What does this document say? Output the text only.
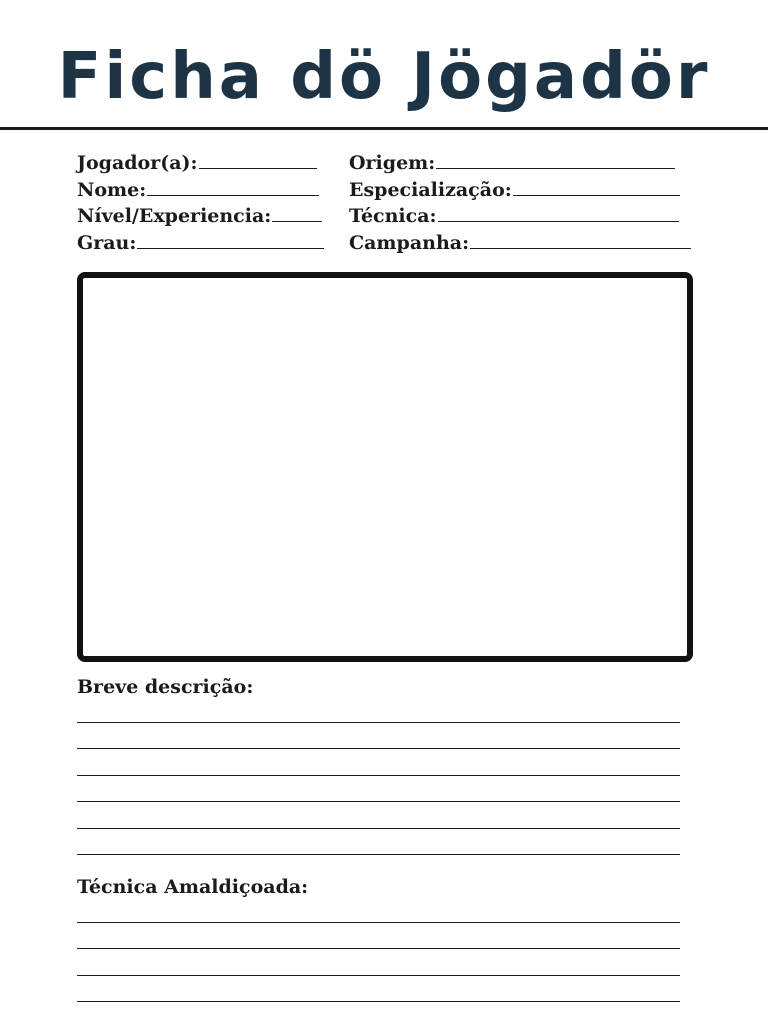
Ficha dö Jögadör
Jogador(a):	Origem:
Nome:	Especialização:
Nível/Experiencia:	Técnica:
Grau:	Campanha:
Breve descrição:
Técnica Amaldiçoada:
